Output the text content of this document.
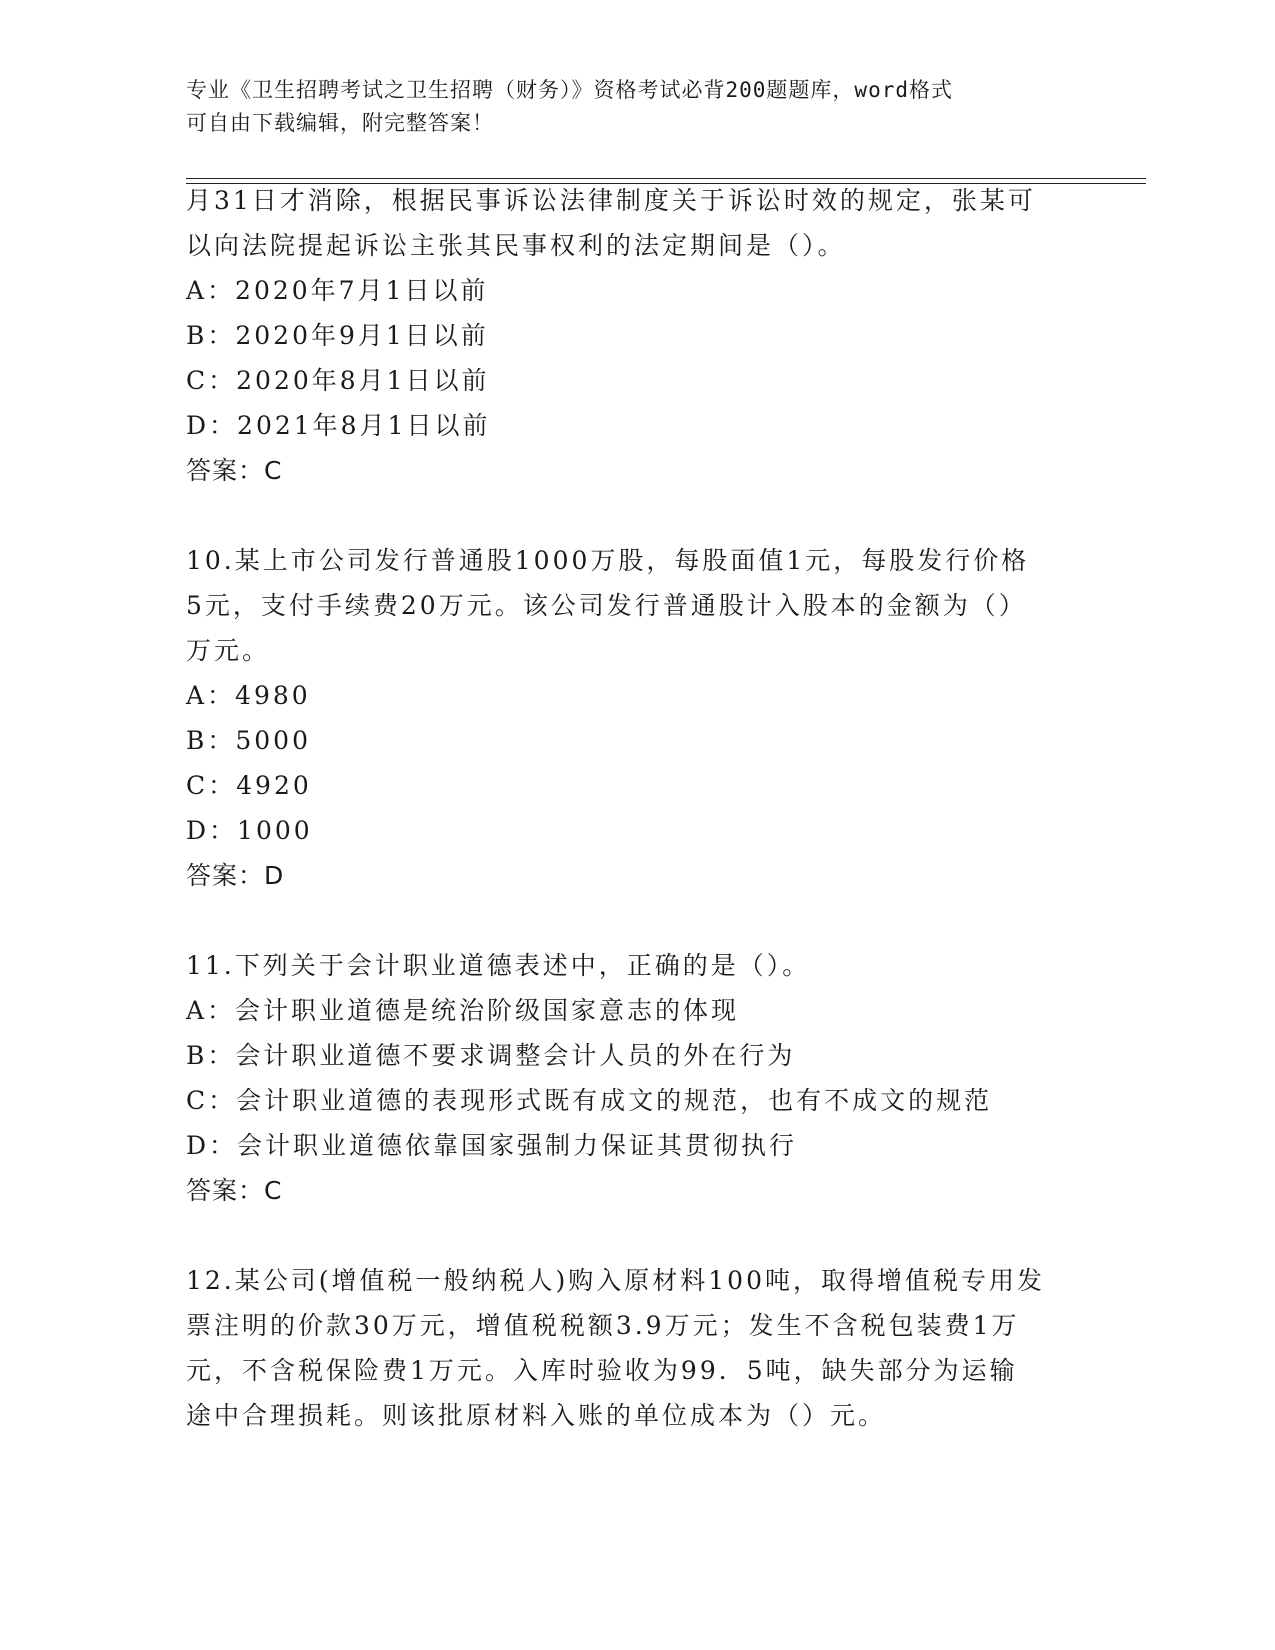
专业《卫生招聘考试之卫生招聘（财务）》资格考试必背200题题库，word格式
可自由下载编辑，附完整答案！
月31日才消除，根据民事诉讼法律制度关于诉讼时效的规定，张某可
以向法院提起诉讼主张其民事权利的法定期间是（）。
A：2020年7月1日以前
B：2020年9月1日以前
C：2020年8月1日以前
D：2021年8月1日以前
答案：C
10.某上市公司发行普通股1000万股，每股面值1元，每股发行价格
5元，支付手续费20万元。该公司发行普通股计入股本的金额为（）
万元。
A：4980
B：5000
C：4920
D：1000
答案：D
11.下列关于会计职业道德表述中，正确的是（）。
A：会计职业道德是统治阶级国家意志的体现
B：会计职业道德不要求调整会计人员的外在行为
C：会计职业道德的表现形式既有成文的规范，也有不成文的规范
D：会计职业道德依靠国家强制力保证其贯彻执行
答案：C
12.某公司(增值税一般纳税人)购入原材料100吨，取得增值税专用发
票注明的价款30万元，增值税税额3.9万元；发生不含税包装费1万
元，不含税保险费1万元。入库时验收为99．5吨，缺失部分为运输
途中合理损耗。则该批原材料入账的单位成本为（）元。
